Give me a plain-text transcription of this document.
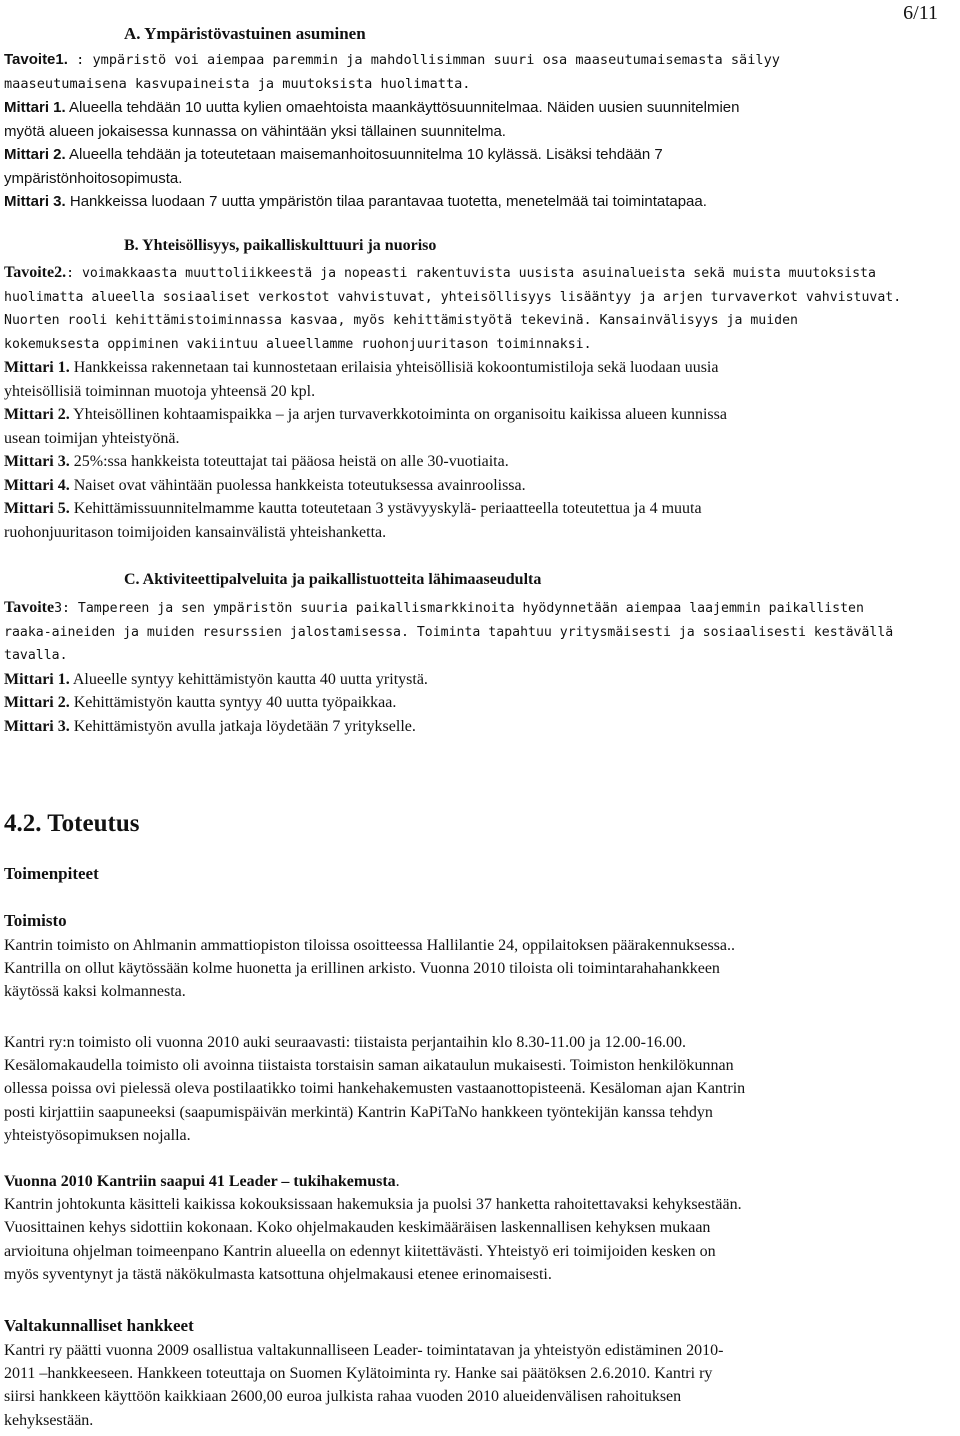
6/11
A. Ympäristövastuinen asuminen
Tavoite1. : ympäristö voi aiempaa paremmin ja mahdollisimman suuri osa maaseutumaisemasta säilyy
maaseutumaisena kasvupaineista ja muutoksista huolimatta.
Mittari 1. Alueella tehdään 10 uutta kylien omaehtoista maankäyttösuunnitelmaa. Näiden uusien suunnitelmien
myötä alueen jokaisessa kunnassa on vähintään yksi tällainen suunnitelma.
Mittari 2. Alueella tehdään ja toteutetaan maisemanhoitosuunnitelma 10 kylässä. Lisäksi tehdään 7
ympäristönhoitosopimusta.
Mittari 3. Hankkeissa luodaan 7 uutta ympäristön tilaa parantavaa tuotetta, menetelmää tai toimintatapaa.
B. Yhteisöllisyys, paikalliskulttuuri ja nuoriso
Tavoite2.: voimakkaasta muuttoliikkeestä ja nopeasti rakentuvista uusista asuinalueista sekä muista muutoksista
huolimatta alueella sosiaaliset verkostot vahvistuvat, yhteisöllisyys lisääntyy ja arjen turvaverkot vahvistuvat.
Nuorten rooli kehittämistoiminnassa kasvaa, myös kehittämistyötä tekevinä. Kansainvälisyys ja muiden
kokemuksesta oppiminen vakiintuu alueellamme ruohonjuuritason toiminnaksi.
Mittari 1. Hankkeissa rakennetaan tai kunnostetaan erilaisia yhteisöllisiä kokoontumistiloja sekä luodaan uusia
yhteisöllisiä toiminnan muotoja yhteensä 20 kpl.
Mittari 2. Yhteisöllinen kohtaamispaikka – ja arjen turvaverkkotoiminta on organisoitu kaikissa alueen kunnissa
usean toimijan yhteistyönä.
Mittari 3. 25%:ssa hankkeista toteuttajat tai pääosa heistä on alle 30-vuotiaita.
Mittari 4. Naiset ovat vähintään puolessa hankkeista toteutuksessa avainroolissa.
Mittari 5. Kehittämissuunnitelmamme kautta toteutetaan 3 ystävyyskylä- periaatteella toteutettua ja 4 muuta
ruohonjuuritason toimijoiden kansainvälistä yhteishanketta.
C. Aktiviteettipalveluita ja paikallistuotteita lähimaaseudulta
Tavoite3: Tampereen ja sen ympäristön suuria paikallismarkkinoita hyödynnetään aiempaa laajemmin paikallisten
raaka-aineiden ja muiden resurssien jalostamisessa. Toiminta tapahtuu yritysmäisesti ja sosiaalisesti kestävällä
tavalla.
Mittari 1. Alueelle syntyy kehittämistyön kautta 40 uutta yritystä.
Mittari 2. Kehittämistyön kautta syntyy 40 uutta työpaikkaa.
Mittari 3. Kehittämistyön avulla jatkaja löydetään 7 yritykselle.
4.2. Toteutus
Toimenpiteet
Toimisto
Kantrin toimisto on Ahlmanin ammattiopiston tiloissa osoitteessa Hallilantie 24, oppilaitoksen päärakennuksessa..
Kantrilla on ollut käytössään kolme huonetta ja erillinen arkisto. Vuonna 2010 tiloista oli toimintarahahankkeen
käytössä kaksi kolmannesta.
Kantri ry:n toimisto oli vuonna 2010 auki seuraavasti: tiistaista perjantaihin klo 8.30-11.00 ja 12.00-16.00.
Kesälomakaudella toimisto oli avoinna tiistaista torstaisin saman aikataulun mukaisesti. Toimiston henkilökunnan
ollessa poissa ovi pielessä oleva postilaatikko toimi hankehakemusten vastaanottopisteenä. Kesäloman ajan Kantrin
posti kirjattiin saapuneeksi (saapumispäivän merkintä) Kantrin KaPiTaNo hankkeen työntekijän kanssa tehdyn
yhteistyösopimuksen nojalla.
Vuonna 2010 Kantriin saapui 41 Leader – tukihakemusta.
Kantrin johtokunta käsitteli kaikissa kokouksissaan hakemuksia ja puolsi 37 hanketta rahoitettavaksi kehyksestään.
Vuosittainen kehys sidottiin kokonaan. Koko ohjelmakauden keskimääräisen laskennallisen kehyksen mukaan
arvioituna ohjelman toimeenpano Kantrin alueella on edennyt kiitettävästi. Yhteistyö eri toimijoiden kesken on
myös syventynyt ja tästä näkökulmasta katsottuna ohjelmakausi etenee erinomaisesti.
Valtakunnalliset hankkeet
Kantri ry päätti vuonna 2009 osallistua valtakunnalliseen Leader- toimintatavan ja yhteistyön edistäminen 2010-
2011 –hankkeeseen. Hankkeen toteuttaja on Suomen Kylätoiminta ry. Hanke sai päätöksen 2.6.2010. Kantri ry
siirsi hankkeen käyttöön kaikkiaan 2600,00 euroa julkista rahaa vuoden 2010 alueidenvälisen rahoituksen
kehyksestään.
